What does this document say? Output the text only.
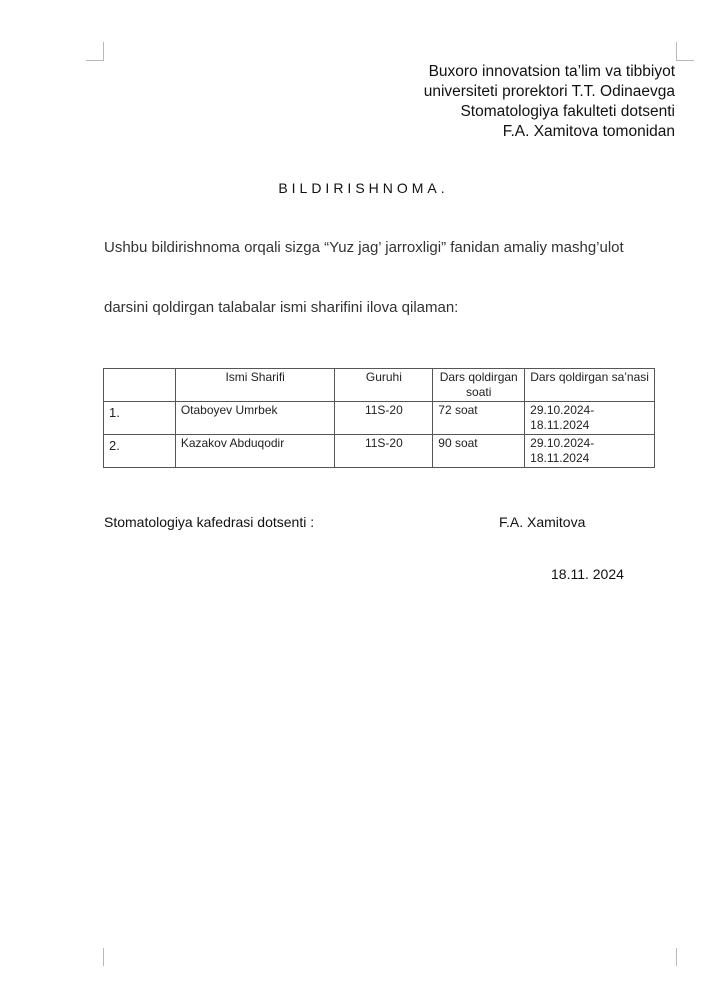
Buxoro innovatsion ta’lim va tibbiyot
universiteti prorektori T.T. Odinaevga
Stomatologiya fakulteti dotsenti
F.A. Xamitova tomonidan
BILDIRISHNOMA.
Ushbu bildirishnoma orqali sizga “Yuz jag’ jarroxligi” fanidan amaliy mashg’ulot
darsini qoldirgan talabalar ismi sharifini ilova qilaman:
	Ismi Sharifi	Guruhi	Dars qoldirgan soati	Dars qoldirgan sa’nasi
1.	Otaboyev Umrbek	11S-20	72 soat	29.10.2024-18.11.2024
2.	Kazakov Abduqodir	11S-20	90 soat	29.10.2024-18.11.2024
Stomatologiya kafedrasi dotsenti :	F.A. Xamitova
18.11. 2024
